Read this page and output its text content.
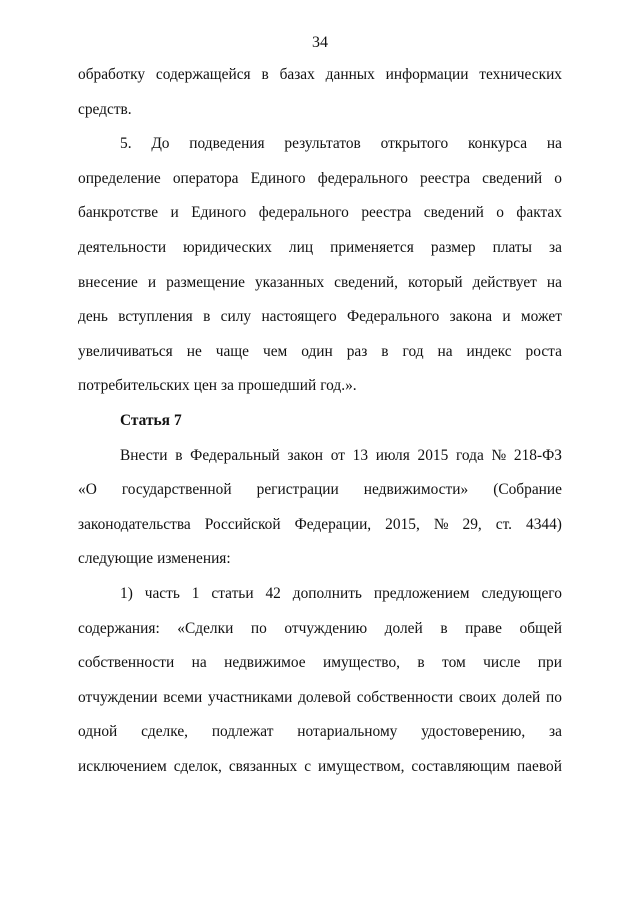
34
обработку содержащейся в базах данных информации технических
средств.
5. До подведения результатов открытого конкурса на
определение оператора Единого федерального реестра сведений о
банкротстве и Единого федерального реестра сведений о фактах
деятельности юридических лиц применяется размер платы за
внесение и размещение указанных сведений, который действует на
день вступления в силу настоящего Федерального закона и может
увеличиваться не чаще чем один раз в год на индекс роста
потребительских цен за прошедший год.».
Статья 7
Внести в Федеральный закон от 13 июля 2015 года № 218-ФЗ
«О государственной регистрации недвижимости» (Собрание
законодательства Российской Федерации, 2015, № 29, ст. 4344)
следующие изменения:
1) часть 1 статьи 42 дополнить предложением следующего
содержания: «Сделки по отчуждению долей в праве общей
собственности на недвижимое имущество, в том числе при
отчуждении всеми участниками долевой собственности своих долей по
одной сделке, подлежат нотариальному удостоверению, за
исключением сделок, связанных с имуществом, составляющим паевой
